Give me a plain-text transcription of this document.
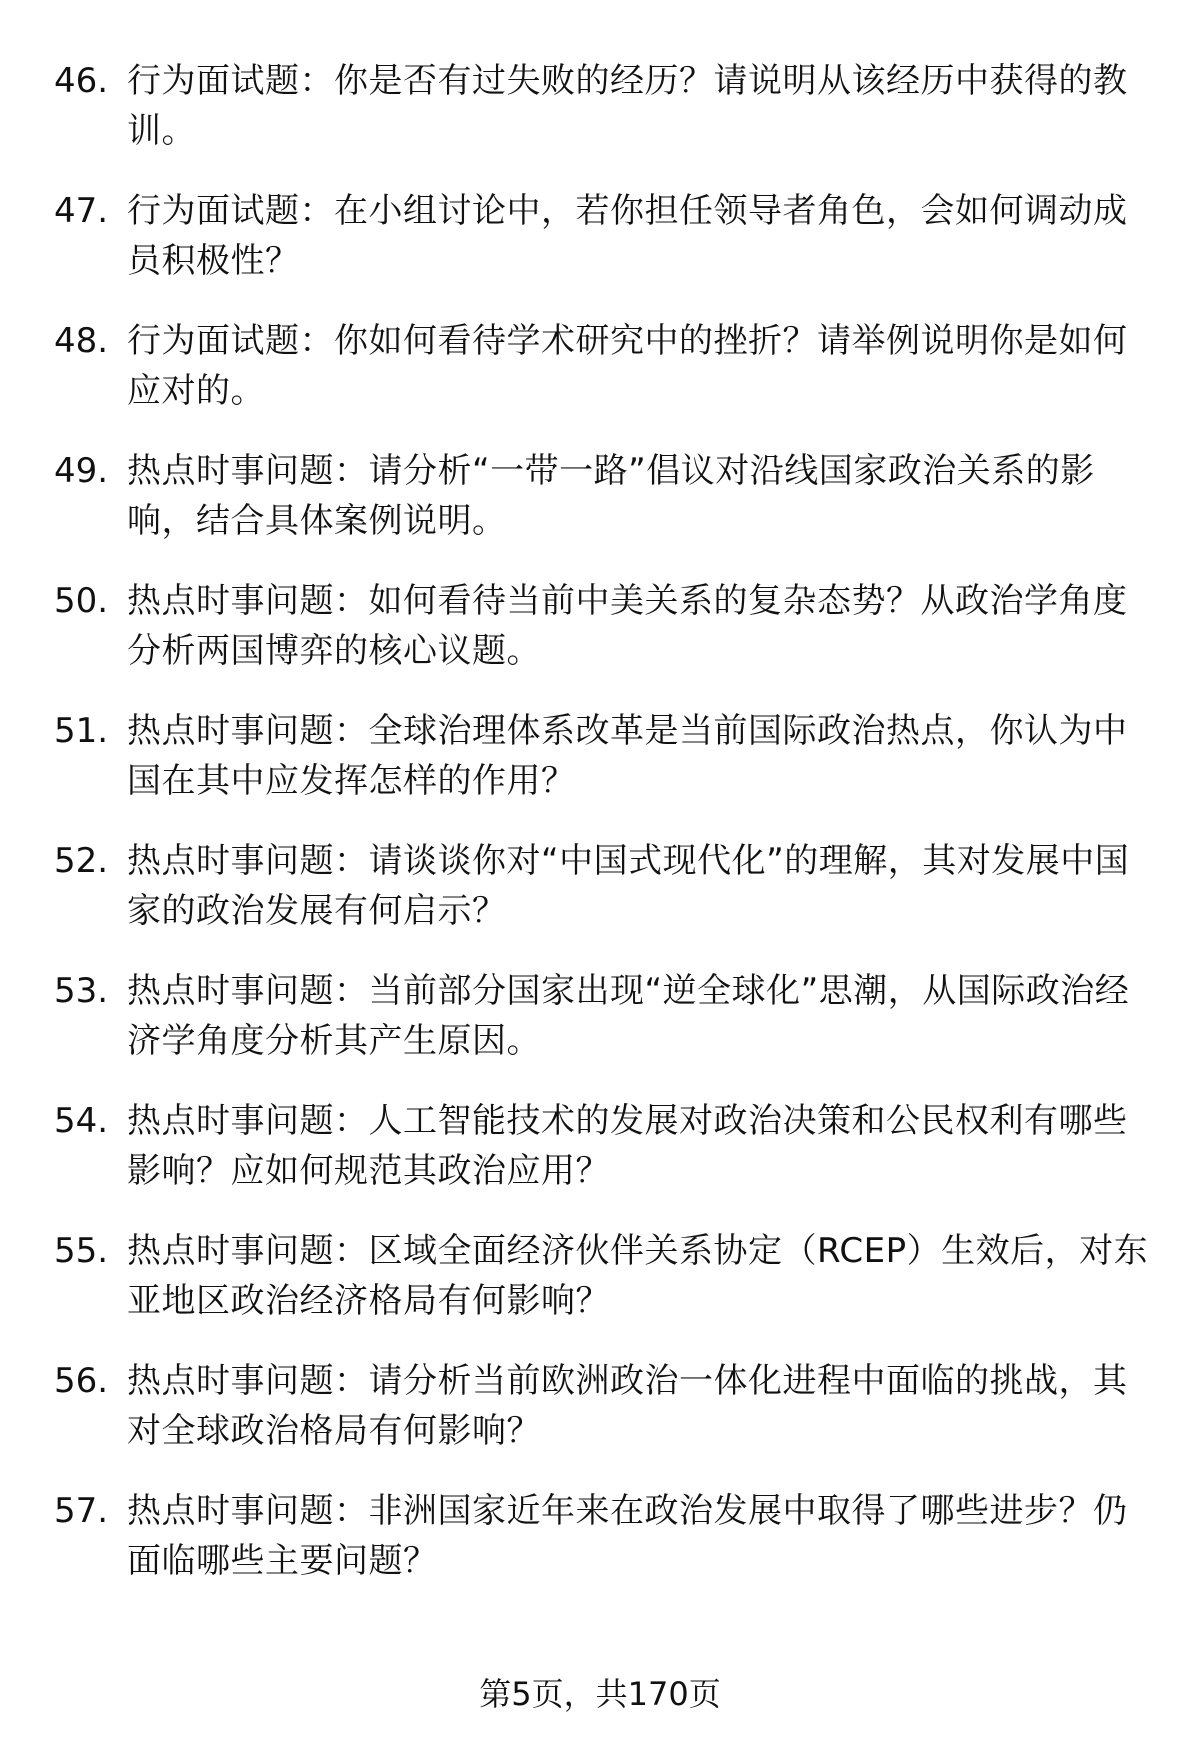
46. 行为面试题：你是否有过失败的经历？请说明从该经历中获得的教训。
47. 行为面试题：在小组讨论中，若你担任领导者角色，会如何调动成员积极性？
48. 行为面试题：你如何看待学术研究中的挫折？请举例说明你是如何应对的。
49. 热点时事问题：请分析“一带一路”倡议对沿线国家政治关系的影响，结合具体案例说明。
50. 热点时事问题：如何看待当前中美关系的复杂态势？从政治学角度分析两国博弈的核心议题。
51. 热点时事问题：全球治理体系改革是当前国际政治热点，你认为中国在其中应发挥怎样的作用？
52. 热点时事问题：请谈谈你对“中国式现代化”的理解，其对发展中国家的政治发展有何启示？
53. 热点时事问题：当前部分国家出现“逆全球化”思潮，从国际政治经济学角度分析其产生原因。
54. 热点时事问题：人工智能技术的发展对政治决策和公民权利有哪些影响？应如何规范其政治应用？
55. 热点时事问题：区域全面经济伙伴关系协定（RCEP）生效后，对东亚地区政治经济格局有何影响？
56. 热点时事问题：请分析当前欧洲政治一体化进程中面临的挑战，其对全球政治格局有何影响？
57. 热点时事问题：非洲国家近年来在政治发展中取得了哪些进步？仍面临哪些主要问题？
第5页，共170页
